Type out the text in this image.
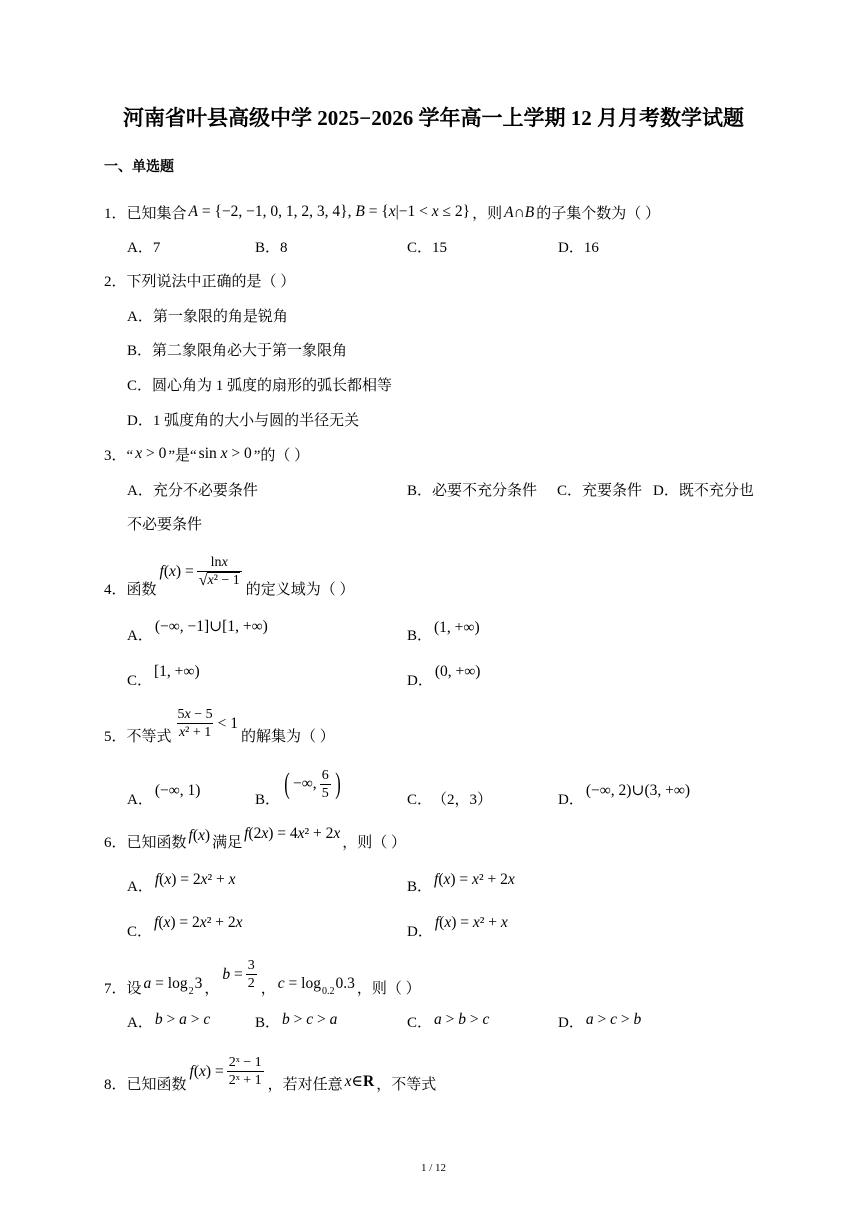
河南省叶县高级中学 2025−2026 学年高一上学期 12 月月考数学试题
一、单选题
1． 已知集合 A = {−2, −1, 0, 1, 2, 3, 4}, B = {x|−1 < x ≤ 2} ，则 A∩B 的子集个数为（ ）
A． 7	B． 8	C． 15	D． 16
2． 下列说法中正确的是（ ）
A．第一象限的角是锐角
B．第二象限角必大于第一象限角
C．圆心角为 1 弧度的扇形的弧长都相等
D．1 弧度角的大小与圆的半径无关
3． “ x > 0 ”是“ sin x > 0 ”的（ ）
A．充分不必要条件	B．必要不充分条件 C．充要条件 D．既不充分也不必要条件
4． 函数
$f(x) = \frac{\ln x}{\text{√ x² − 1}}$ 的定义域为（ ）
A．
(−∞, −1]∪[1, +∞)
B． (1, +∞)
C．
[1, +∞)
D．
(0, +∞)
5． 不等式 $\frac{5x - 5}{\text{x² + 1}} < 1$
的解集为（ ）
A．
(−∞, 1)
B． ( −∞, $\frac{6}{5}$ )	C． （2，3）	D．
(−∞, 2)∪(3, +∞)
6． 已知函数 f(x) 满足
f(2x) = 4x² + 2x
，则（ ）
A． f(x) = 2x² + x	B． f(x) = x² + 2x
C．
f(x) = 2x² + 2x
D．
f(x) = x² + x
7． 设 a = log 2 3 ，
$b = \frac{3}{2}$ ， c = log 0.2 0.3 ，则（ ）
A． b > a > c	B． b > c > a	C． a > b > c	D． a > c > b
8． 已知函数
$f(x) = \frac{\text{2ˣ − 1}}{\text{2ˣ + 1}}$ ，若对任意 x∈R ，不等式
1 / 12
